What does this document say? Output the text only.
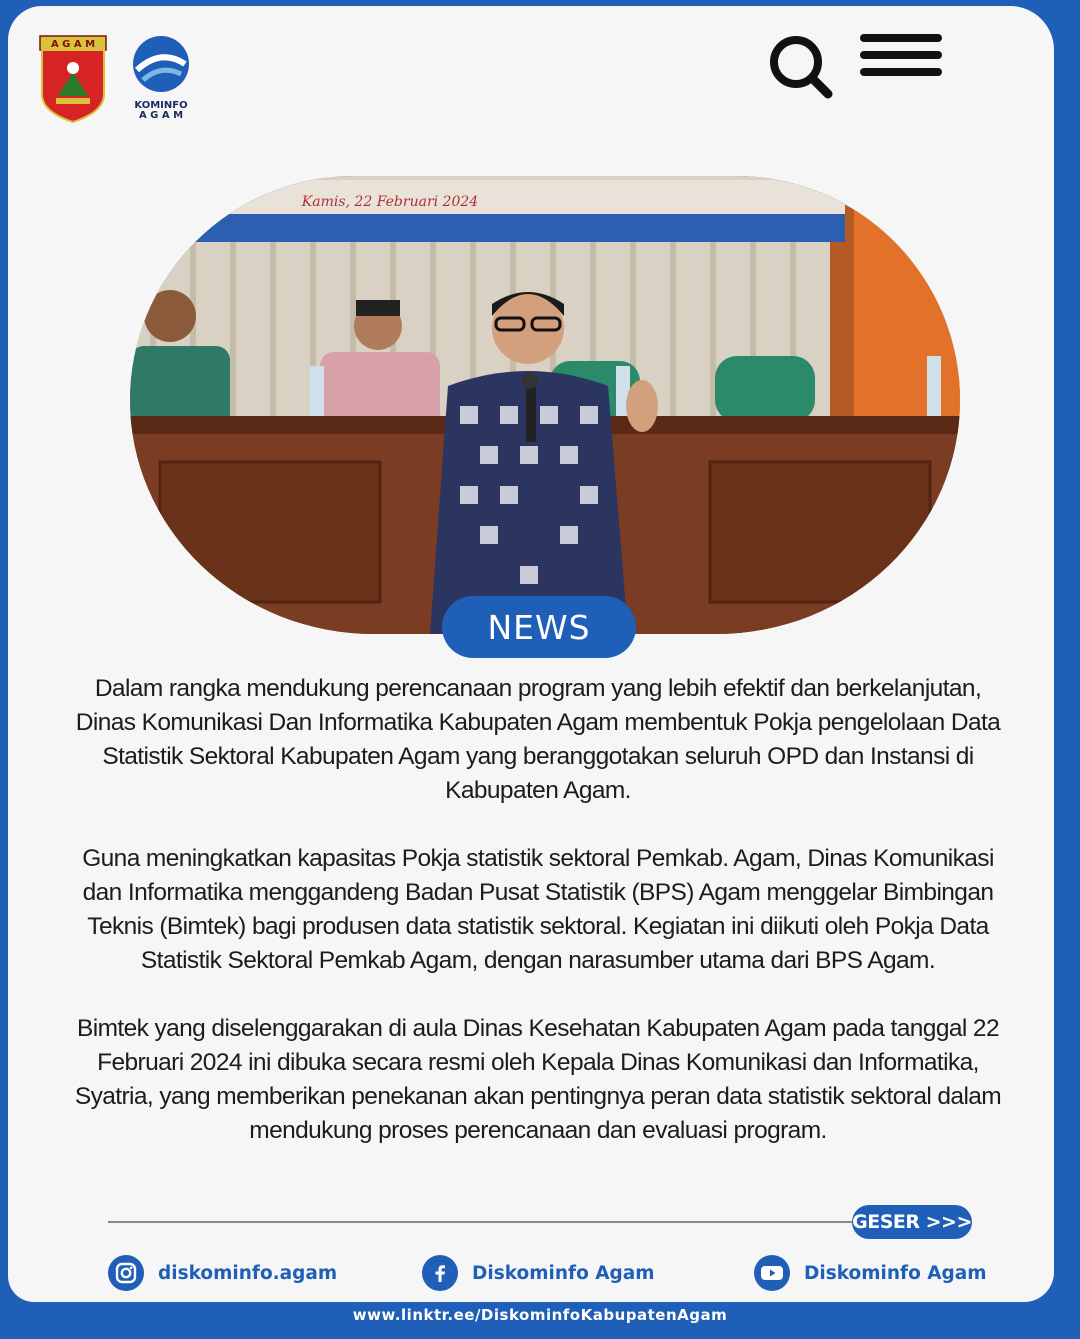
A G A M
KOMINFO
A G A M
Kamis, 22 Februari 2024
NEWS

Dalam rangka mendukung perencanaan program yang lebih efektif dan berkelanjutan, Dinas Komunikasi Dan Informatika Kabupaten Agam membentuk Pokja pengelolaan Data Statistik Sektoral Kabupaten Agam yang beranggotakan seluruh OPD dan Instansi di Kabupaten Agam.

Guna meningkatkan kapasitas Pokja statistik sektoral Pemkab. Agam, Dinas Komunikasi dan Informatika menggandeng Badan Pusat Statistik (BPS) Agam menggelar Bimbingan Teknis (Bimtek) bagi produsen data statistik sektoral. Kegiatan ini diikuti oleh Pokja Data Statistik Sektoral Pemkab Agam, dengan narasumber utama dari BPS Agam.

Bimtek yang diselenggarakan di aula Dinas Kesehatan Kabupaten Agam pada tanggal 22 Februari 2024 ini dibuka secara resmi oleh Kepala Dinas Komunikasi dan Informatika, Syatria, yang memberikan penekanan akan pentingnya peran data statistik sektoral dalam mendukung proses perencanaan dan evaluasi program.

GESER >>>
diskominfo.agam	Diskominfo Agam	Diskominfo Agam
www.linktr.ee/DiskominfoKabupatenAgam
